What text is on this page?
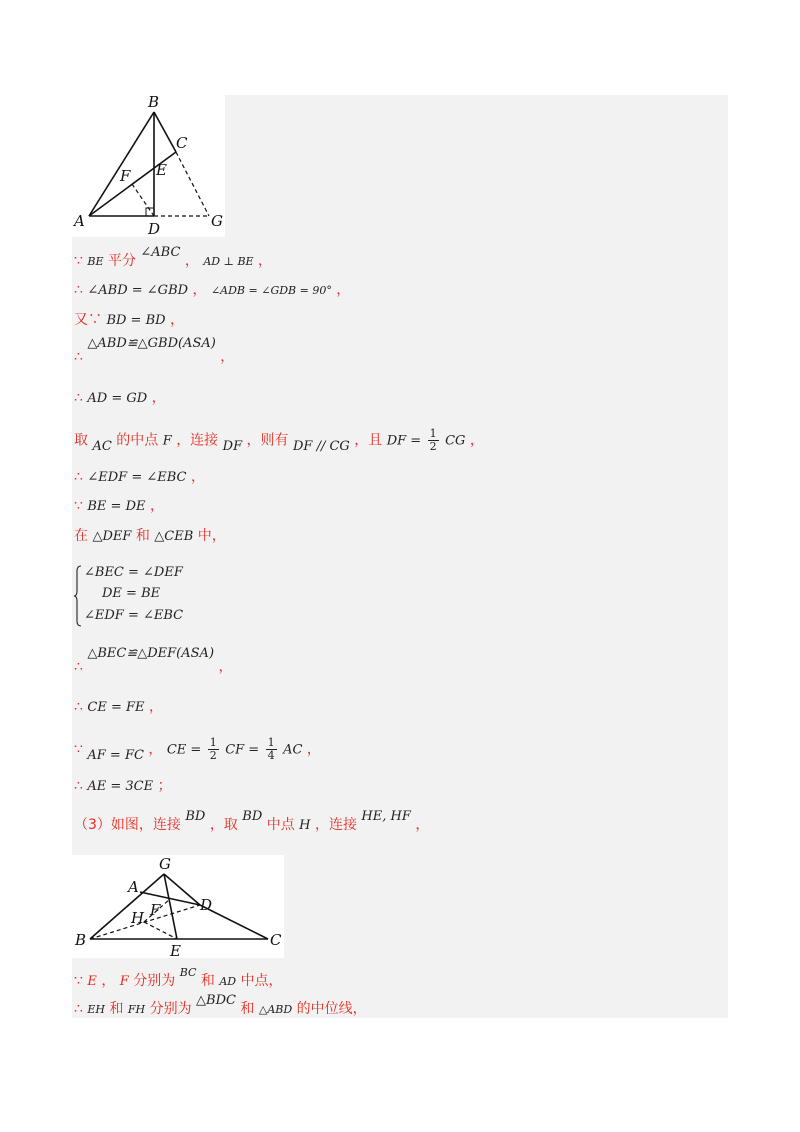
B
C
E
F
A	D	G
∵ BE 平分 ∠ABC ， AD ⊥ BE ，
∴ ∠ABD = ∠GBD ， ∠ADB = ∠GDB = 90° ，
又∵ BD = BD ，
∴ △ABD≌△GBD(ASA) ，
∴ AD = GD ，
取 AC 的中点 F ，连接 DF ，则有 DF // CG ，且 DF = $\frac{1}{2}$ CG ，
∴ ∠EDF = ∠EBC ，
∵ BE = DE ，
在 △DEF 和 △CEB 中，
∠BEC = ∠DEF
DE = BE
∠EDF = ∠EBC
∴ △BEC≌△DEF(ASA) ，
∴ CE = FE ，
∵ AF = FC ， CE = $\frac{1}{2}$ CF = $\frac{1}{4}$ AC ，
∴ AE = 3CE ；
（3）如图，连接 BD ，取 BD 中点 H ，连接 HE, HF ，
G
A
F	D
H
B
E
C
∵ E ， F 分别为 $^{BC}$ 和 AD 中点，
∴ EH 和 FH 分别为 △BDC 和 △ABD 的中位线，
